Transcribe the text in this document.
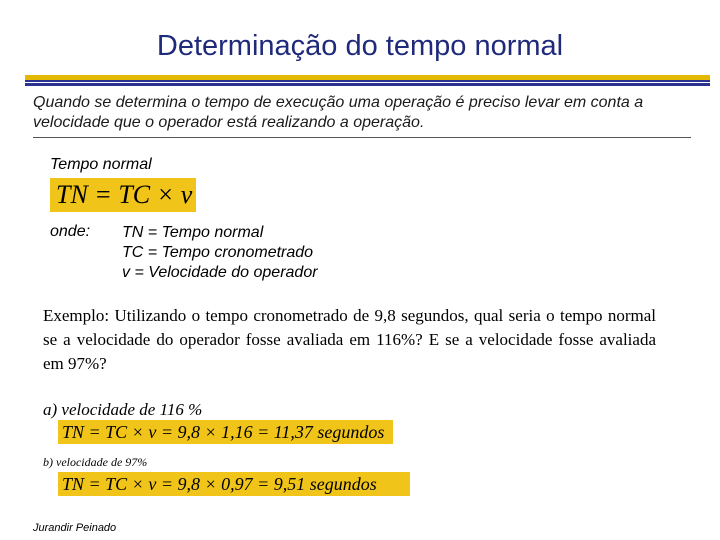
Determinação do tempo normal
Quando se determina o tempo de execução uma operação é preciso levar em conta a velocidade que o operador está realizando a operação.
Tempo normal
TN = TC × v
onde: TN = Tempo normal
TC = Tempo cronometrado
v = Velocidade do operador
Exemplo: Utilizando o tempo cronometrado de 9,8 segundos, qual seria o tempo normal se a velocidade do operador fosse avaliada em 116%? E se a velocidade fosse avaliada em 97%?
a) velocidade de 116 %
TN = TC × v = 9,8 × 1,16 = 11,37 segundos
b) velocidade de 97%
TN = TC × v = 9,8 × 0,97 = 9,51 segundos
Jurandir Peinado
